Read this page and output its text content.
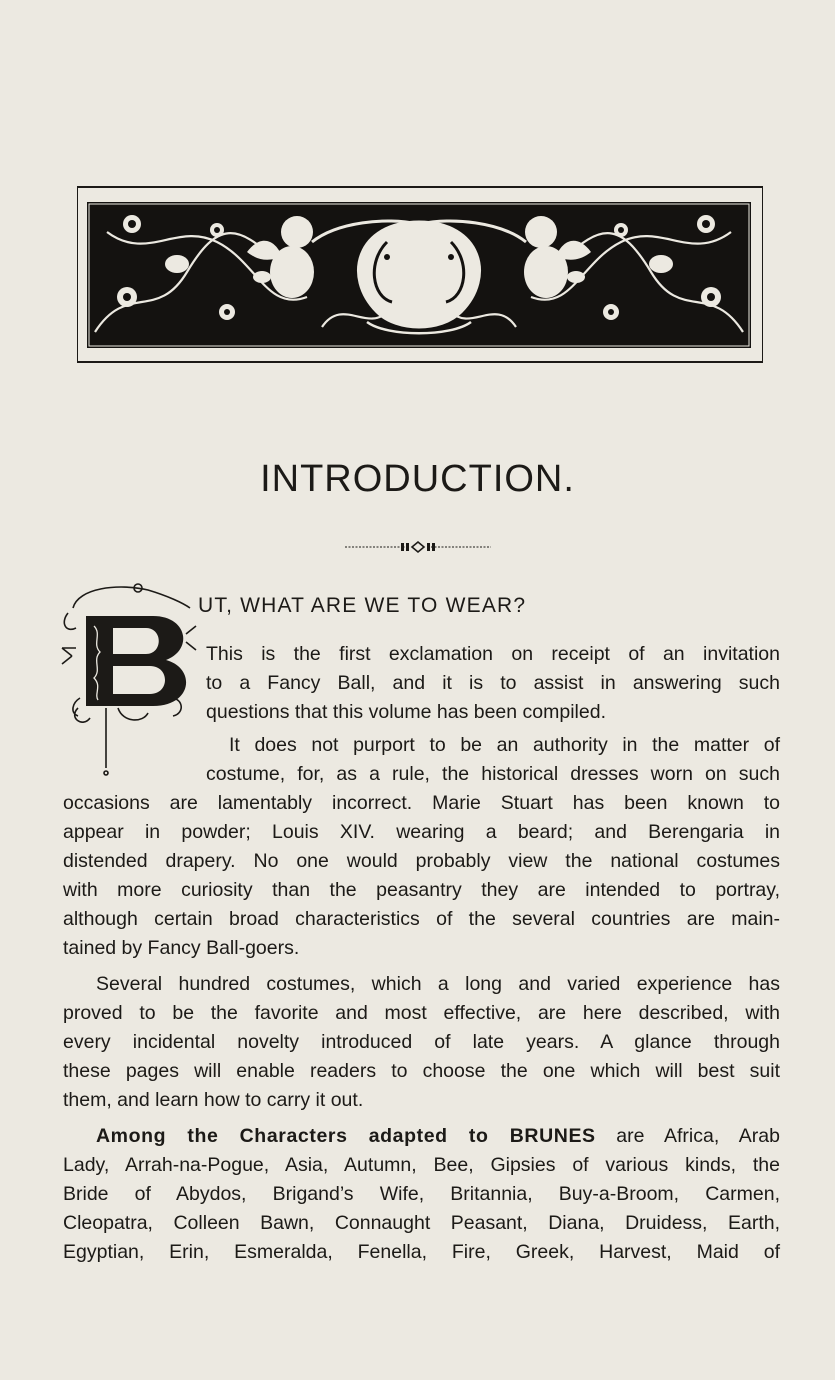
INTRODUCTION.
UT, WHAT ARE WE TO WEAR?
This is the first exclamation on receipt of an invitation
to a Fancy Ball, and it is to assist in answering such
questions that this volume has been compiled.
It does not purport to be an authority in the matter of
costume, for, as a rule, the historical dresses worn on such
occasions are lamentably incorrect. Marie Stuart has been known to
appear in powder; Louis XIV. wearing a beard; and Berengaria in
distended drapery. No one would probably view the national costumes
with more curiosity than the peasantry they are intended to portray,
although certain broad characteristics of the several countries are main-
tained by Fancy Ball-goers.
Several hundred costumes, which a long and varied experience has
proved to be the favorite and most effective, are here described, with
every incidental novelty introduced of late years. A glance through
these pages will enable readers to choose the one which will best suit
them, and learn how to carry it out.
Among the Characters adapted to BRUNES are Africa, Arab
Lady, Arrah-na-Pogue, Asia, Autumn, Bee, Gipsies of various kinds, the
Bride of Abydos, Brigand’s Wife, Britannia, Buy-a-Broom, Carmen,
Cleopatra, Colleen Bawn, Connaught Peasant, Diana, Druidess, Earth,
Egyptian, Erin, Esmeralda, Fenella, Fire, Greek, Harvest, Maid of
